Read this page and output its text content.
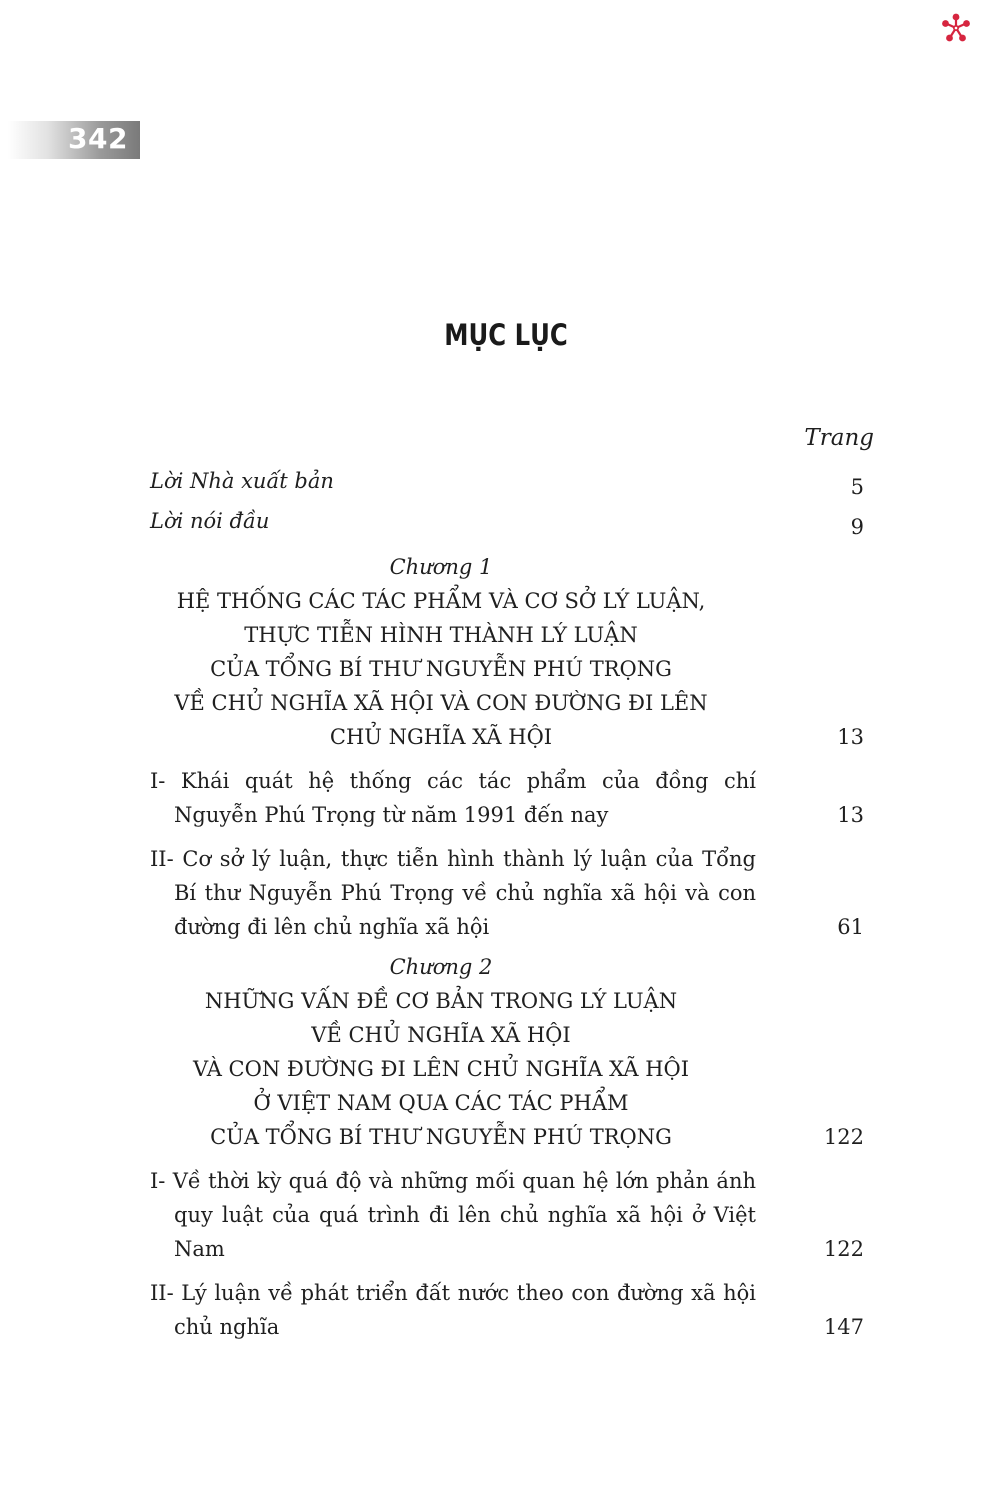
342
MỤC LỤC
Trang
Lời Nhà xuất bản	5
Lời nói đầu	9
Chương 1
HỆ THỐNG CÁC TÁC PHẨM VÀ CƠ SỞ LÝ LUẬN,
THỰC TIỄN HÌNH THÀNH LÝ LUẬN
CỦA TỔNG BÍ THƯ NGUYỄN PHÚ TRỌNG
VỀ CHỦ NGHĨA XÃ HỘI VÀ CON ĐƯỜNG ĐI LÊN
CHỦ NGHĨA XÃ HỘI	13
I- Khái quát hệ thống các tác phẩm của đồng chí Nguyễn Phú Trọng từ năm 1991 đến nay	13
II- Cơ sở lý luận, thực tiễn hình thành lý luận của Tổng Bí thư Nguyễn Phú Trọng về chủ nghĩa xã hội và con đường đi lên chủ nghĩa xã hội	61
Chương 2
NHỮNG VẤN ĐỀ CƠ BẢN TRONG LÝ LUẬN
VỀ CHỦ NGHĨA XÃ HỘI
VÀ CON ĐƯỜNG ĐI LÊN CHỦ NGHĨA XÃ HỘI
Ở VIỆT NAM QUA CÁC TÁC PHẨM
CỦA TỔNG BÍ THƯ NGUYỄN PHÚ TRỌNG	122
I- Về thời kỳ quá độ và những mối quan hệ lớn phản ánh quy luật của quá trình đi lên chủ nghĩa xã hội ở Việt Nam	122
II- Lý luận về phát triển đất nước theo con đường xã hội chủ nghĩa	147
